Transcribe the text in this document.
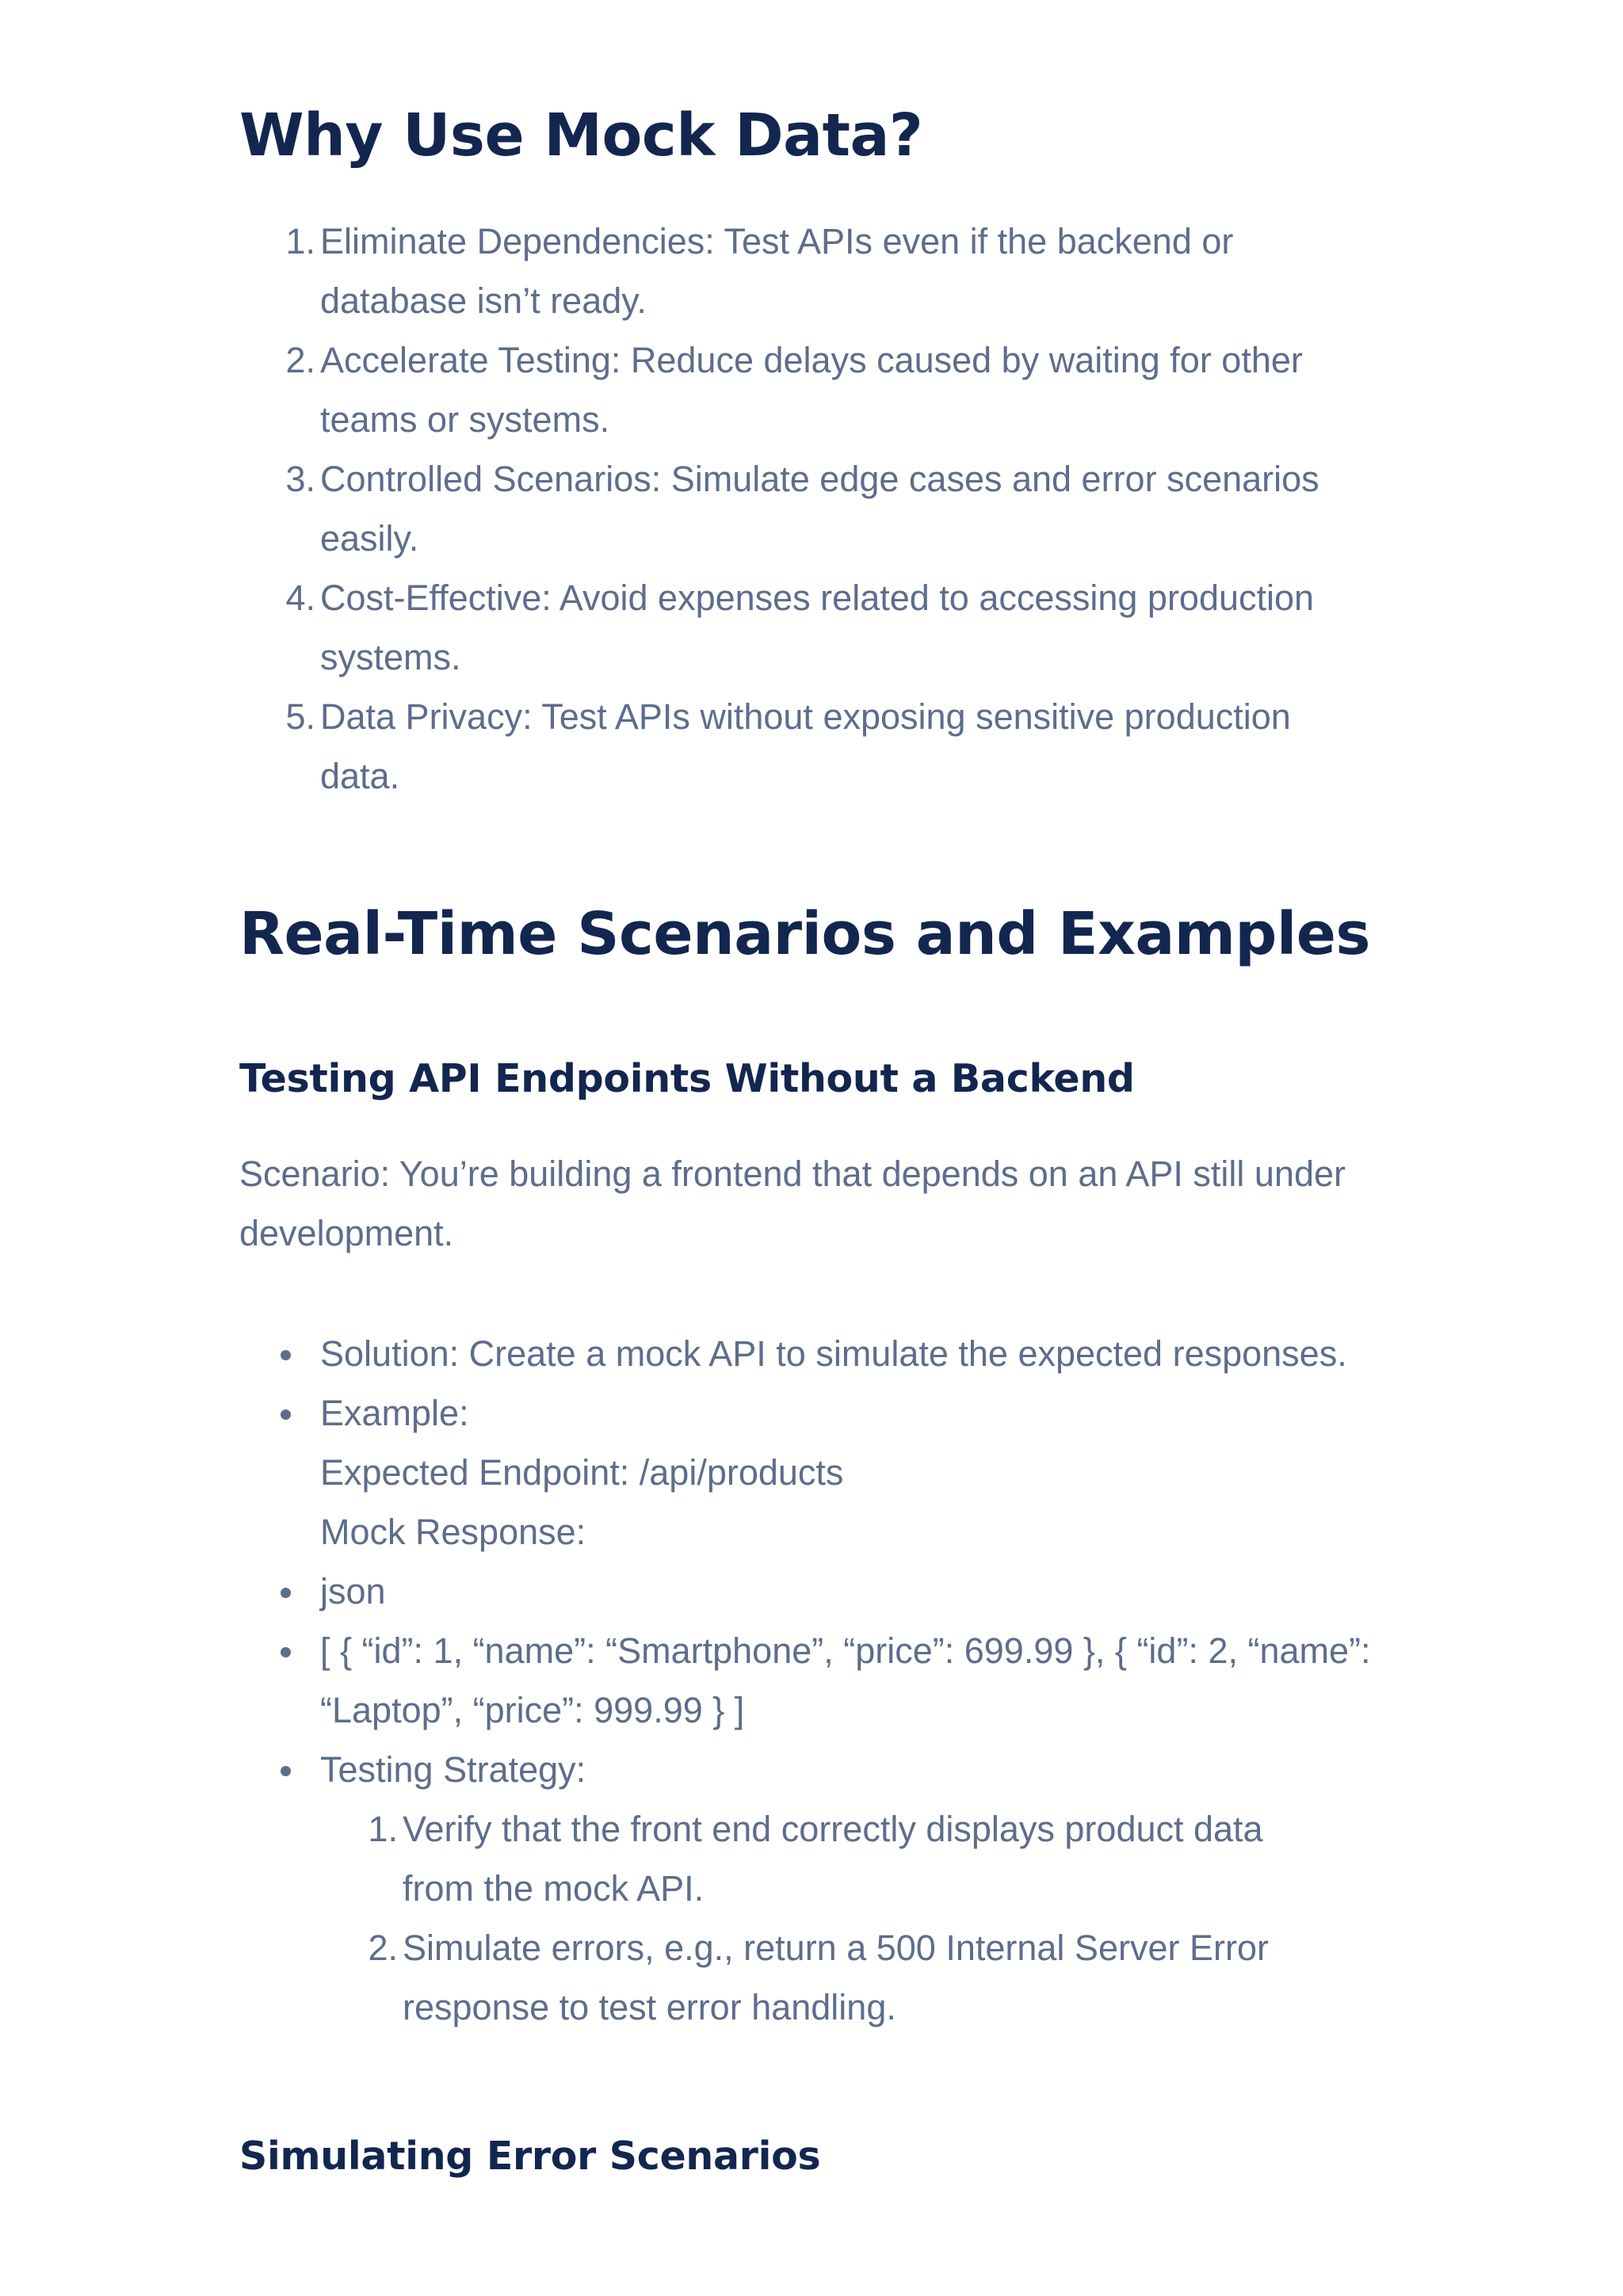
Why Use Mock Data?
1. Eliminate Dependencies: Test APIs even if the backend or
database isn’t ready.
2. Accelerate Testing: Reduce delays caused by waiting for other
teams or systems.
3. Controlled Scenarios: Simulate edge cases and error scenarios
easily.
4. Cost-Effective: Avoid expenses related to accessing production
systems.
5. Data Privacy: Test APIs without exposing sensitive production
data.
Real-Time Scenarios and Examples
Testing API Endpoints Without a Backend

Scenario: You’re building a frontend that depends on an API still under
development.

Solution: Create a mock API to simulate the expected responses.
Example:
Expected Endpoint: /api/products
Mock Response:
json
[ { “id”: 1, “name”: “Smartphone”, “price”: 699.99 }, { “id”: 2, “name”:
“Laptop”, “price”: 999.99 } ]
Testing Strategy:
1. Verify that the front end correctly displays product data
from the mock API.
2. Simulate errors, e.g., return a 500 Internal Server Error
response to test error handling.
Simulating Error Scenarios
